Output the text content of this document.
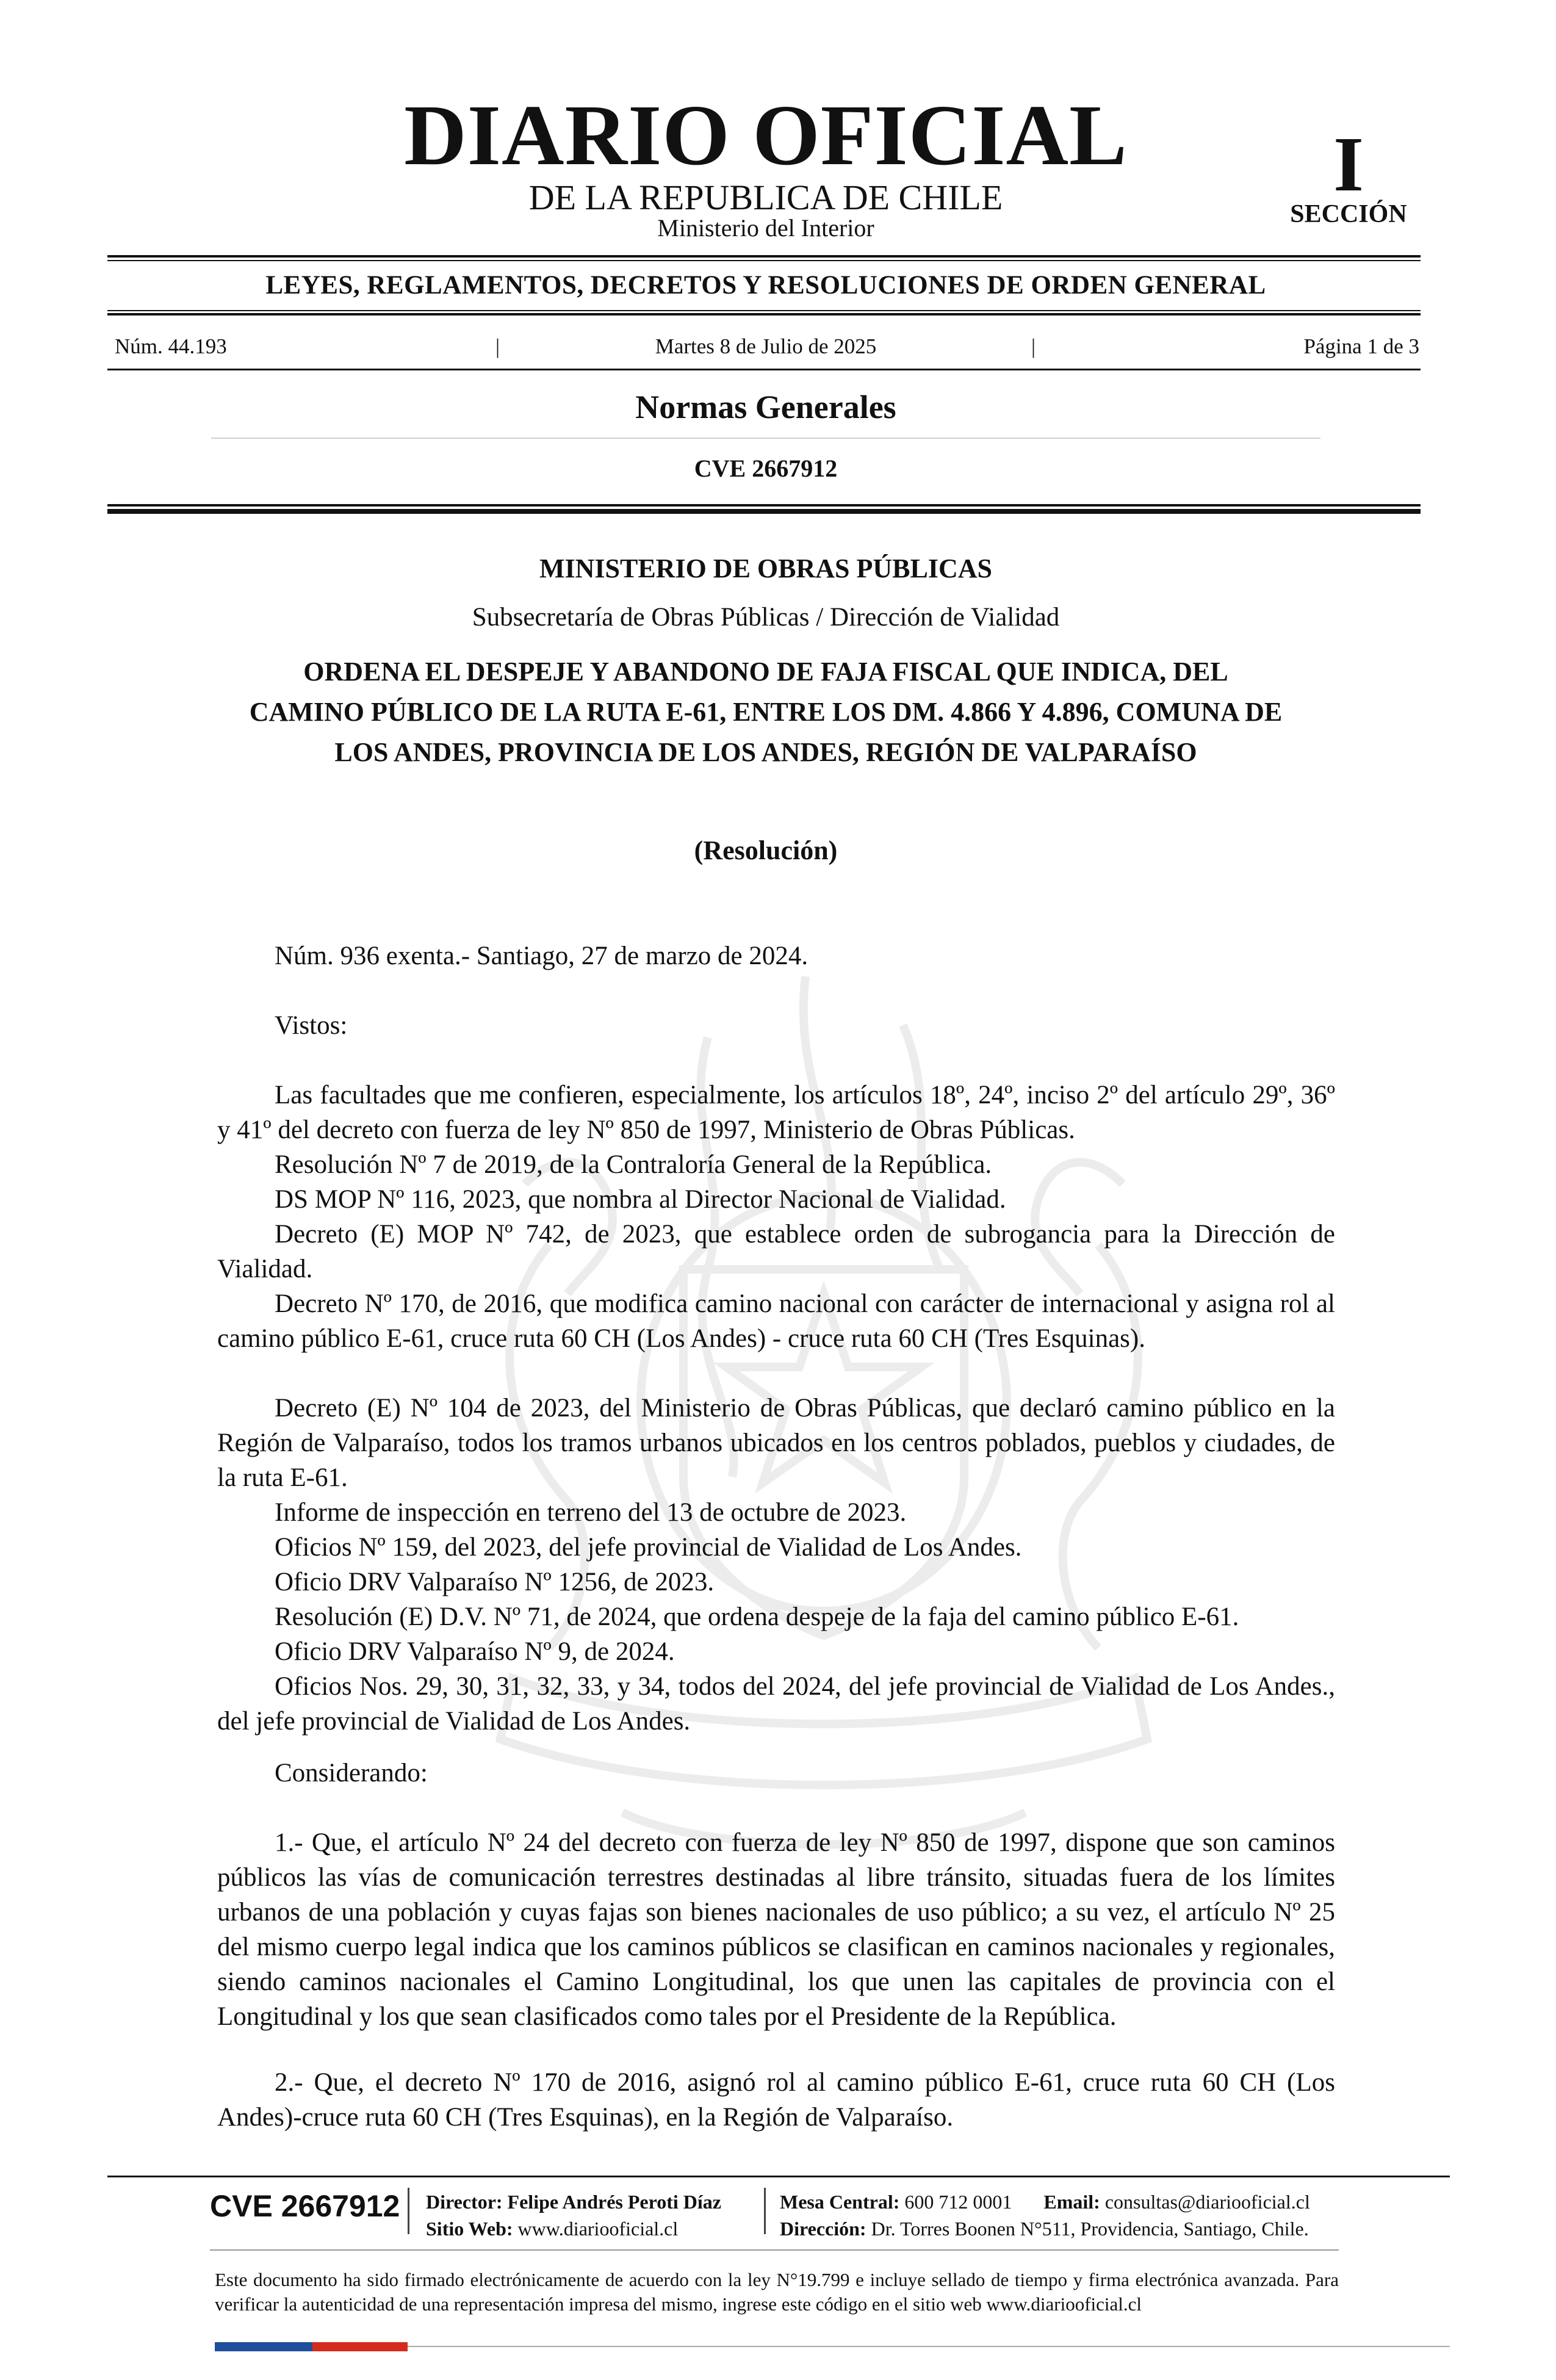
DIARIO OFICIAL
DE LA REPUBLICA DE CHILE
Ministerio del Interior
I
SECCIÓN
LEYES, REGLAMENTOS, DECRETOS Y RESOLUCIONES DE ORDEN GENERAL
Núm. 44.193	|	Martes 8 de Julio de 2025	|	Página 1 de 3
Normas Generales
CVE 2667912
MINISTERIO DE OBRAS PÚBLICAS
Subsecretaría de Obras Públicas / Dirección de Vialidad
ORDENA EL DESPEJE Y ABANDONO DE FAJA FISCAL QUE INDICA, DEL
CAMINO PÚBLICO DE LA RUTA E-61, ENTRE LOS DM. 4.866 Y 4.896, COMUNA DE
LOS ANDES, PROVINCIA DE LOS ANDES, REGIÓN DE VALPARAÍSO
(Resolución)

Núm. 936 exenta.- Santiago, 27 de marzo de 2024.

Vistos:

Las facultades que me confieren, especialmente, los artículos 18º, 24º, inciso 2º del artículo 29º, 36º y 41º del decreto con fuerza de ley Nº 850 de 1997, Ministerio de Obras Públicas.

Resolución Nº 7 de 2019, de la Contraloría General de la República.

DS MOP Nº 116, 2023, que nombra al Director Nacional de Vialidad.

Decreto (E) MOP Nº 742, de 2023, que establece orden de subrogancia para la Dirección de Vialidad.

Decreto Nº 170, de 2016, que modifica camino nacional con carácter de internacional y asigna rol al camino público E-61, cruce ruta 60 CH (Los Andes) - cruce ruta 60 CH (Tres Esquinas).

Decreto (E) Nº 104 de 2023, del Ministerio de Obras Públicas, que declaró camino público en la Región de Valparaíso, todos los tramos urbanos ubicados en los centros poblados, pueblos y ciudades, de la ruta E-61.

Informe de inspección en terreno del 13 de octubre de 2023.

Oficios Nº 159, del 2023, del jefe provincial de Vialidad de Los Andes.

Oficio DRV Valparaíso Nº 1256, de 2023.

Resolución (E) D.V. Nº 71, de 2024, que ordena despeje de la faja del camino público E-61.

Oficio DRV Valparaíso Nº 9, de 2024.

Oficios Nos. 29, 30, 31, 32, 33, y 34, todos del 2024, del jefe provincial de Vialidad de Los Andes., del jefe provincial de Vialidad de Los Andes.

Considerando:

1.- Que, el artículo Nº 24 del decreto con fuerza de ley Nº 850 de 1997, dispone que son caminos públicos las vías de comunicación terrestres destinadas al libre tránsito, situadas fuera de los límites urbanos de una población y cuyas fajas son bienes nacionales de uso público; a su vez, el artículo Nº 25 del mismo cuerpo legal indica que los caminos públicos se clasifican en caminos nacionales y regionales, siendo caminos nacionales el Camino Longitudinal, los que unen las capitales de provincia con el Longitudinal y los que sean clasificados como tales por el Presidente de la República.

2.- Que, el decreto Nº 170 de 2016, asignó rol al camino público E-61, cruce ruta 60 CH (Los Andes)-cruce ruta 60 CH (Tres Esquinas), en la Región de Valparaíso.

CVE 2667912 Director: Felipe Andrés Peroti Díaz
Sitio Web: www.diariooficial.cl
Mesa Central: 600 712 0001 Email: consultas@diariooficial.cl
Dirección: Dr. Torres Boonen N°511, Providencia, Santiago, Chile.

Este documento ha sido firmado electrónicamente de acuerdo con la ley N°19.799 e incluye sellado de tiempo y firma electrónica avanzada. Para verificar la autenticidad de una representación impresa del mismo, ingrese este código en el sitio web www.diariooficial.cl
